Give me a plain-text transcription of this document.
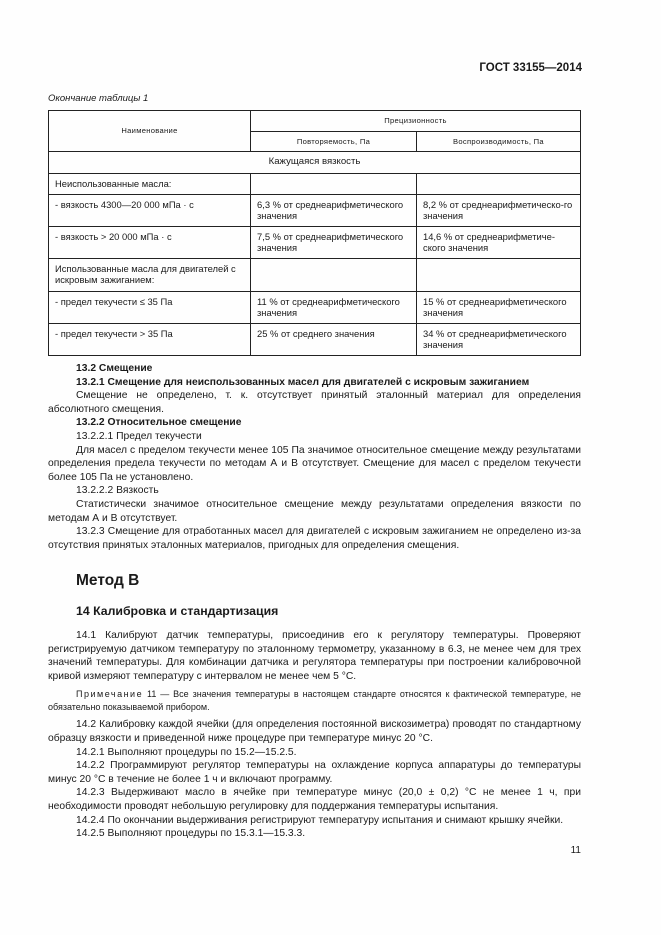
ГОСТ 33155—2014
Окончание таблицы 1
Наименование	Прецизионность	
	Повторяемость, Па	Воспроизводимость, Па
Кажущаяся вязкость		
Неиспользованные масла:		
- вязкость 4300—20 000 мПа · с	6,3 % от среднеарифметического значения	8,2 % от среднеарифметическо-го значения
- вязкость > 20 000 мПа · с	7,5 % от среднеарифметического значения	14,6 % от среднеарифметиче-ского значения
Использованные масла для двигателей с искровым зажиганием:		
- предел текучести ≤ 35 Па	11 % от среднеарифметического значения	15 % от среднеарифметического значения
- предел текучести > 35 Па	25 % от среднего значения	34 % от среднеарифметического значения

13.2 Смещение

13.2.1 Смещение для неиспользованных масел для двигателей с искровым зажиганием

Смещение не определено, т. к. отсутствует принятый эталонный материал для определения абсолютного смещения.

13.2.2 Относительное смещение

13.2.2.1 Предел текучести

Для масел с пределом текучести менее 105 Па значимое относительное смещение между результатами определения предела текучести по методам А и В отсутствует. Смещение для масел с пределом текучести более 105 Па не установлено.

13.2.2.2 Вязкость

Статистически значимое относительное смещение между результатами определения вязкости по методам А и В отсутствует.

13.2.3 Смещение для отработанных масел для двигателей с искровым зажиганием не определено из-за отсутствия принятых эталонных материалов, пригодных для определения смещения.

Метод В
14 Калибровка и стандартизация

14.1 Калибруют датчик температуры, присоединив его к регулятору температуры. Проверяют регистрируемую датчиком температуру по эталонному термометру, указанному в 6.3, не менее чем для трех значений температуры. Для комбинации датчика и регулятора температуры при построении калибровочной кривой измеряют температуру с интервалом не менее чем 5 °С.

Примечание 11 — Все значения температуры в настоящем стандарте относятся к фактической температуре, не обязательно показываемой прибором.

14.2 Калибровку каждой ячейки (для определения постоянной вискозиметра) проводят по стандартному образцу вязкости и приведенной ниже процедуре при температуре минус 20 °С.

14.2.1 Выполняют процедуры по 15.2—15.2.5.

14.2.2 Программируют регулятор температуры на охлаждение корпуса аппаратуры до температуры минус 20 °С в течение не более 1 ч и включают программу.

14.2.3 Выдерживают масло в ячейке при температуре минус (20,0 ± 0,2) °С не менее 1 ч, при необходимости проводят небольшую регулировку для поддержания температуры испытания.

14.2.4 По окончании выдерживания регистрируют температуру испытания и снимают крышку ячейки.

14.2.5 Выполняют процедуры по 15.3.1—15.3.3.

11
